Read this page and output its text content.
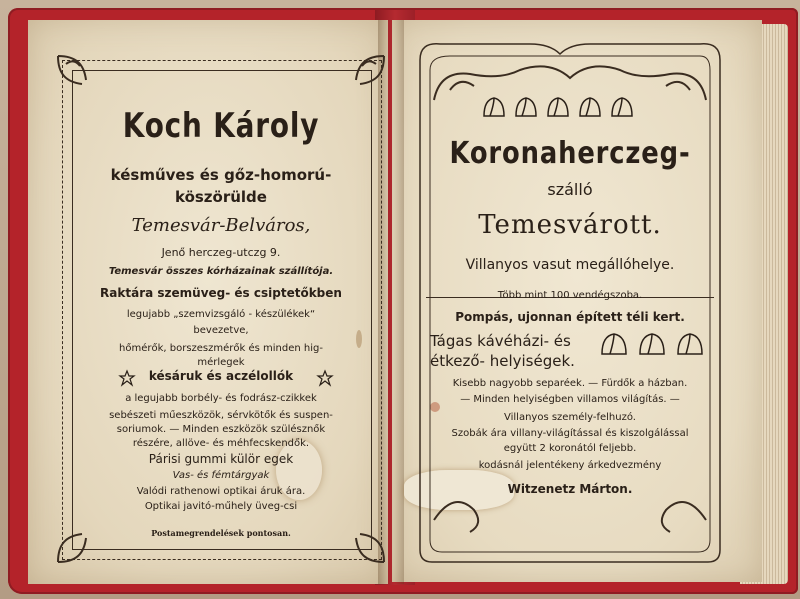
Koch Károly
késműves és gőz-homorú-
köszörülde
Temesvár-Belváros,
Jenő herczeg-utczg 9.
Temesvár összes kórházainak szállítója.
Raktára szemüveg- és csiptetőkben
legujabb „szemvizsgáló - készülékek“
bevezetve,
hőmérők, borszeszmérők és minden hig-
mérlegek
késáruk és aczélollók
a legujabb borbély- és fodrász-czikkek
sebészeti műeszközök, sérvkötők és suspen-
soriumok. — Minden eszközök szülésznők
részére, allöve- és méhfecskendők.
Párisi gummi külör egek
Vas- és fémtárgyak
Valódi rathenowi optikai áruk ára.
Optikai javitó-műhely üveg-csi
Postamegrendelések pontosan.
Koronaherczeg-
szálló
Temesvárott.
Villanyos vasut megállóhelye.
Több mint 100 vendégszoba.
Pompás, ujonnan épített téli kert.
Tágas kávéházi- és
étkező- helyiségek.
Kisebb nagyobb separéek. — Fürdők a házban.
— Minden helyiségben villamos világítás. —
Villanyos személy-felhuzó.
Szobák ára villany-világítással és kiszolgálással
együtt 2 koronától feljebb.
kodásnál jelentékeny árkedvezmény
Witzenetz Márton.
